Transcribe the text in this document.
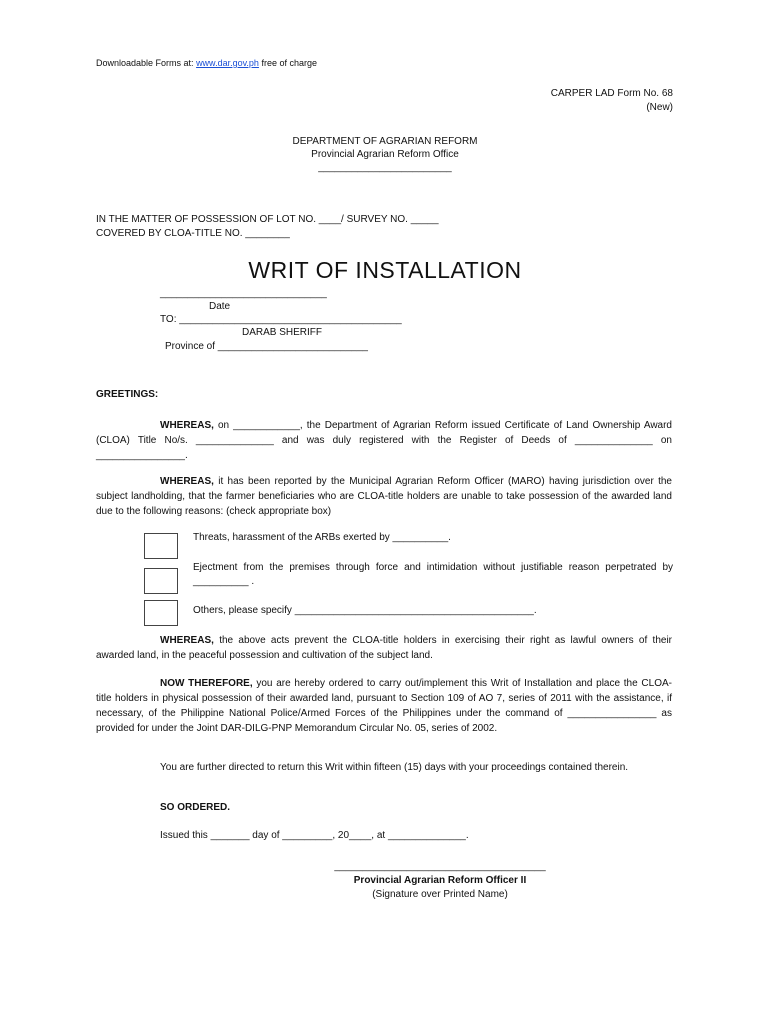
Downloadable Forms at: www.dar.gov.ph free of charge
CARPER LAD Form No. 68
(New)
DEPARTMENT OF AGRARIAN REFORM
Provincial Agrarian Reform Office
________________________
IN THE MATTER OF POSSESSION OF LOT NO. ____/ SURVEY NO. _____
COVERED BY CLOA-TITLE NO. ________
WRIT OF INSTALLATION
______________________________
Date
TO: ________________________________________
DARAB SHERIFF
Province of ___________________________
GREETINGS:
WHEREAS, on ____________, the Department of Agrarian Reform issued Certificate of Land Ownership Award (CLOA) Title No/s. ______________ and was duly registered with the Register of Deeds of ______________ on ________________.
WHEREAS, it has been reported by the Municipal Agrarian Reform Officer (MARO) having jurisdiction over the subject landholding, that the farmer beneficiaries who are CLOA-title holders are unable to take possession of the awarded land due to the following reasons: (check appropriate box)
Threats, harassment of the ARBs exerted by __________.
Ejectment from the premises through force and intimidation without justifiable reason perpetrated by __________ .
Others, please specify ___________________________________________.
WHEREAS, the above acts prevent the CLOA-title holders in exercising their right as lawful owners of their awarded land, in the peaceful possession and cultivation of the subject land.
NOW THEREFORE, you are hereby ordered to carry out/implement this Writ of Installation and place the CLOA-title holders in physical possession of their awarded land, pursuant to Section 109 of AO 7, series of 2011 with the assistance, if necessary, of the Philippine National Police/Armed Forces of the Philippines under the command of ________________ as provided for under the Joint DAR-DILG-PNP Memorandum Circular No. 05, series of 2002.
You are further directed to return this Writ within fifteen (15) days with your proceedings contained therein.
SO ORDERED.
Issued this _______ day of _________, 20____, at ______________.
______________________________________
Provincial Agrarian Reform Officer II
(Signature over Printed Name)
